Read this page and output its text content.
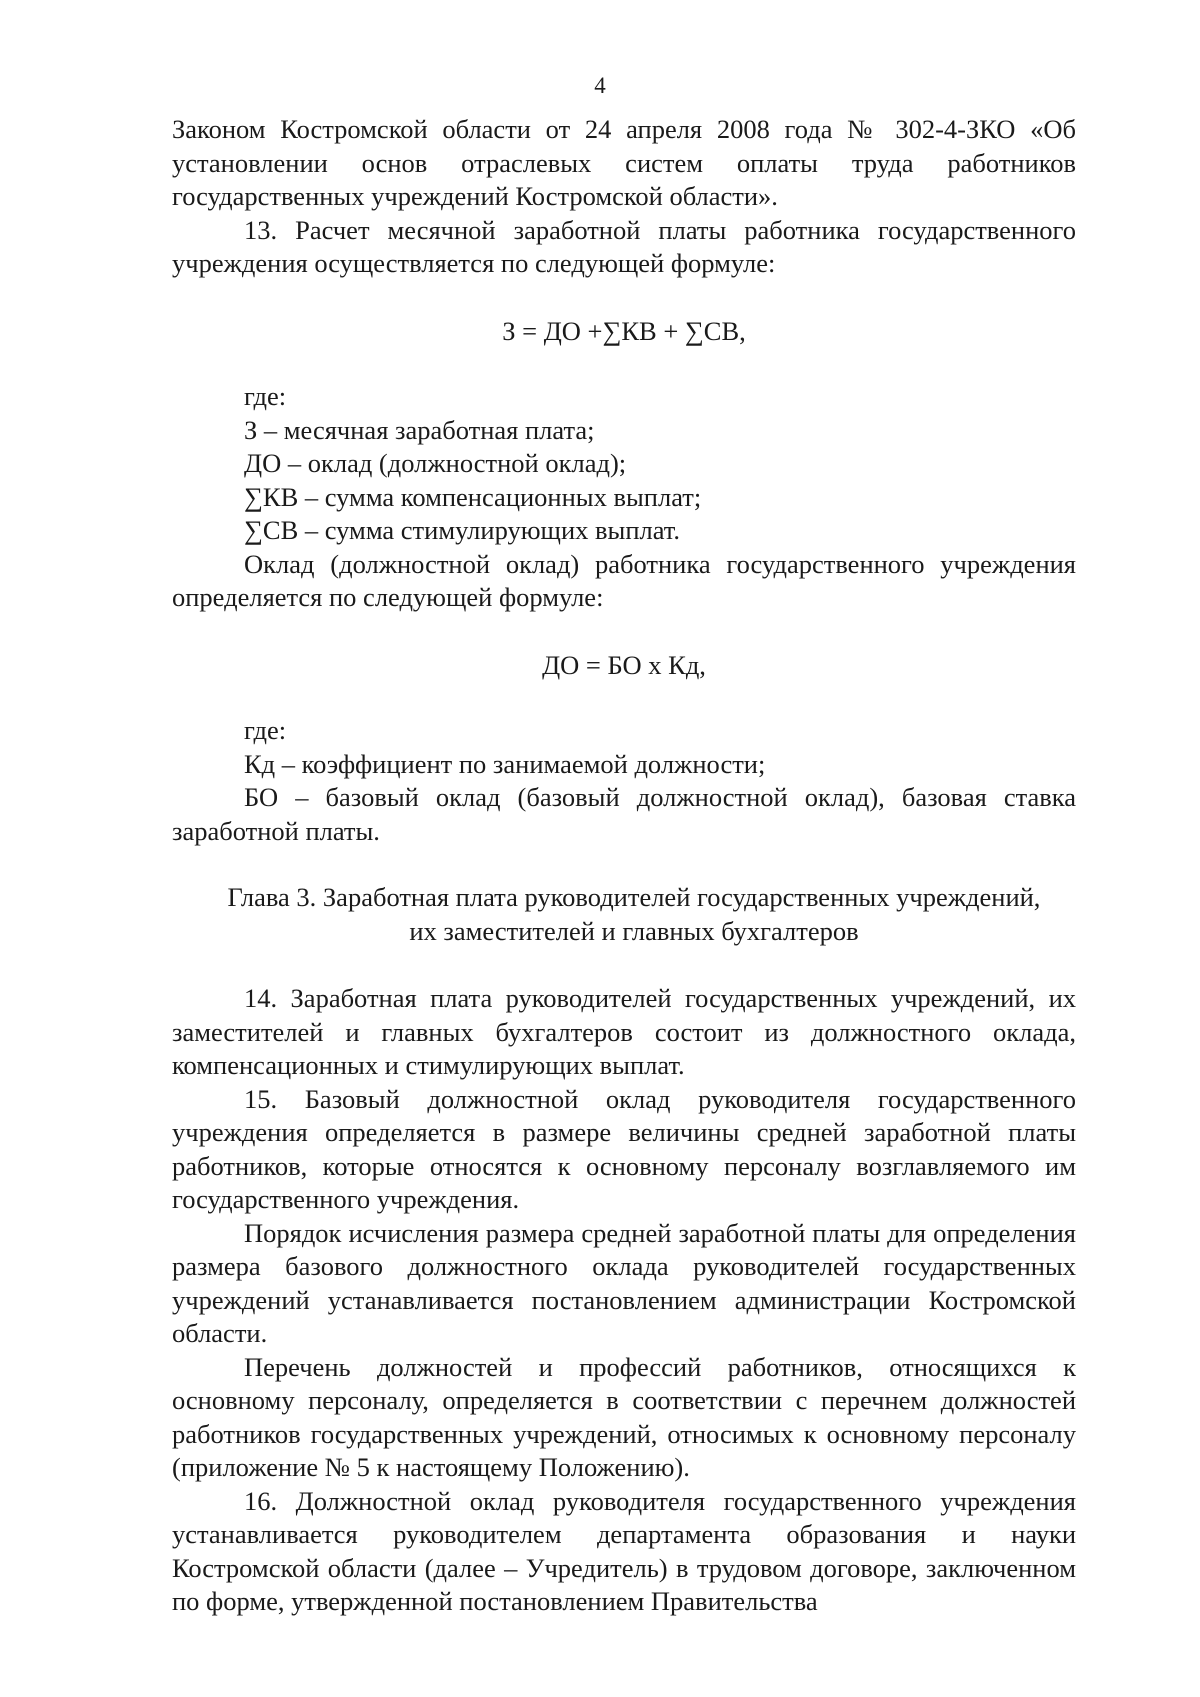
4

Законом Костромской области от 24 апреля 2008 года № 302-4-ЗКО «Об установлении основ отраслевых систем оплаты труда работников государственных учреждений Костромской области».

13. Расчет месячной заработной платы работника государственного учреждения осуществляется по следующей формуле:

З = ДО +∑КВ + ∑СВ,

где:

З – месячная заработная плата;

ДО – оклад (должностной оклад);

∑КВ – сумма компенсационных выплат;

∑СВ – сумма стимулирующих выплат.

Оклад (должностной оклад) работника государственного учреждения определяется по следующей формуле:

ДО = БО х Кд,

где:

Кд – коэффициент по занимаемой должности;

БО – базовый оклад (базовый должностной оклад), базовая ставка заработной платы.

Глава 3. Заработная плата руководителей государственных учреждений,

их заместителей и главных бухгалтеров

14. Заработная плата руководителей государственных учреждений, их заместителей и главных бухгалтеров состоит из должностного оклада, компенсационных и стимулирующих выплат.

15. Базовый должностной оклад руководителя государственного учреждения определяется в размере величины средней заработной платы работников, которые относятся к основному персоналу возглавляемого им государственного учреждения.

Порядок исчисления размера средней заработной платы для определения размера базового должностного оклада руководителей государственных учреждений устанавливается постановлением администрации Костромской области.

Перечень должностей и профессий работников, относящихся к основному персоналу, определяется в соответствии с перечнем должностей работников государственных учреждений, относимых к основному персоналу (приложение № 5 к настоящему Положению).

16. Должностной оклад руководителя государственного учреждения устанавливается руководителем департамента образования и науки Костромской области (далее – Учредитель) в трудовом договоре, заключенном по форме, утвержденной постановлением Правительства
